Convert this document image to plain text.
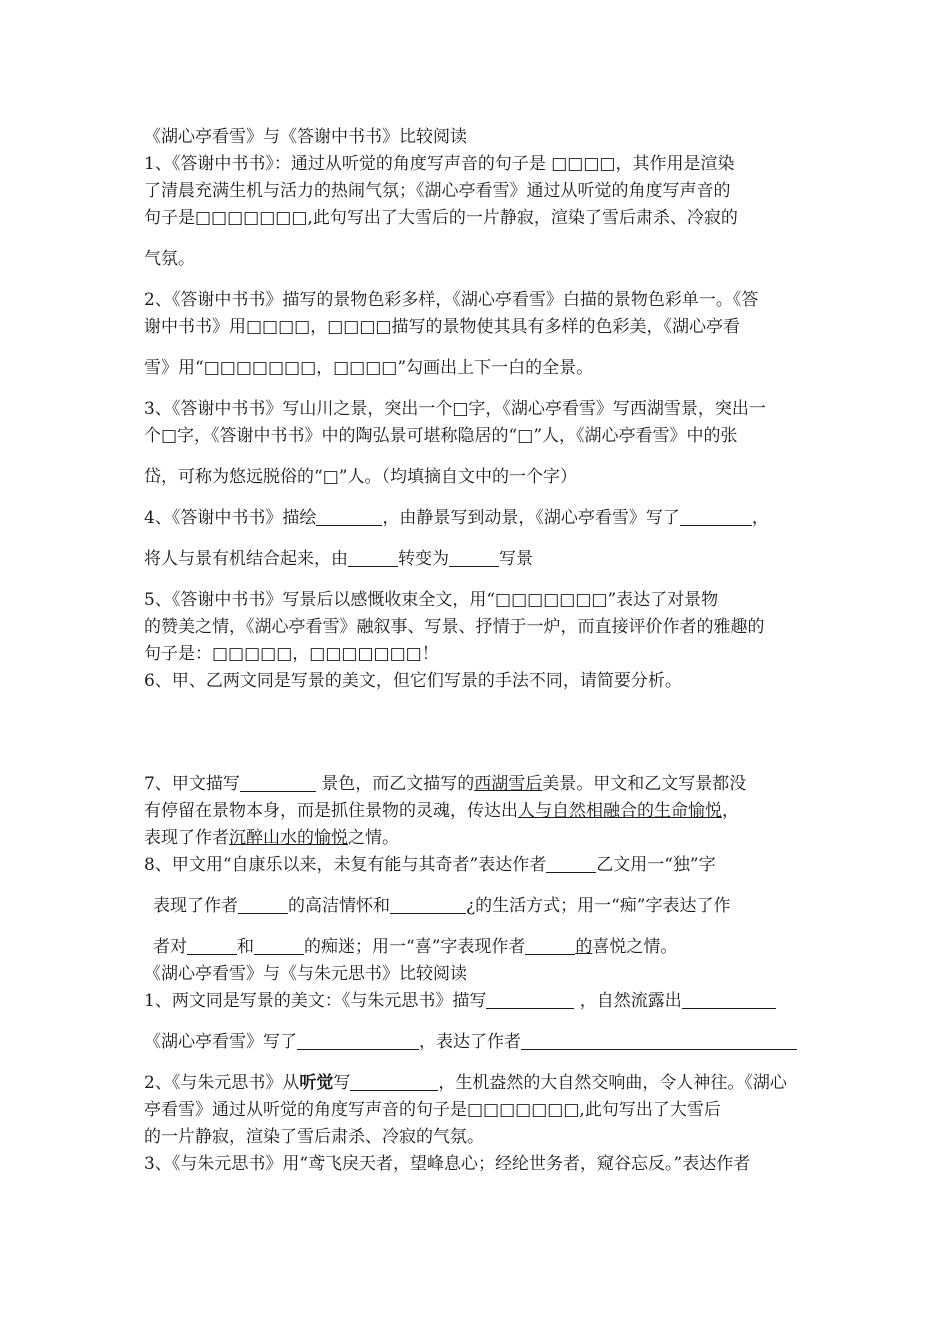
《湖心亭看雪》与《答谢中书书》比较阅读

1、《答谢中书书》：通过从听觉的角度写声音的句子是 □□□□，其作用是渲染

了清晨充满生机与活力的热闹气氛；《湖心亭看雪》通过从听觉的角度写声音的

句子是□□□□□□□,此句写出了大雪后的一片静寂，渲染了雪后肃杀、冷寂的

气氛。

2、《答谢中书书》描写的景物色彩多样，《湖心亭看雪》白描的景物色彩单一。《答

谢中书书》用□□□□，□□□□描写的景物使其具有多样的色彩美，《湖心亭看

雪》用“□□□□□□□，□□□□”勾画出上下一白的全景。

3、《答谢中书书》写山川之景，突出一个□字，《湖心亭看雪》写西湖雪景，突出一

个□字，《答谢中书书》中的陶弘景可堪称隐居的“□”人，《湖心亭看雪》中的张

岱，可称为悠远脱俗的“□”人。（均填摘自文中的一个字）

4、《答谢中书书》描绘	，由静景写到动景，《湖心亭看雪》写了	，

将人与景有机结合起来，由	转变为	写景

5、《答谢中书书》写景后以感慨收束全文，用“□□□□□□□”表达了对景物

的赞美之情，《湖心亭看雪》融叙事、写景、抒情于一炉，而直接评价作者的雅趣的

句子是：□□□□□，□□□□□□□！

6、甲、乙两文同是写景的美文，但它们写景的手法不同，请简要分析。

7、甲文描写	景色，而乙文描写的西湖雪后美景。甲文和乙文写景都没

有停留在景物本身，而是抓住景物的灵魂，传达出人与自然相融合的生命愉悦，

表现了作者沉醉山水的愉悦之情。

8、甲文用“自康乐以来，未复有能与其奇者”表达作者	乙文用一“独”字

表现了作者	的高洁情怀和	¿的生活方式；用一“痴”字表达了作

者对	和	的痴迷；用一“喜”字表现作者	的喜悦之情。

《湖心亭看雪》与《与朱元思书》比较阅读

1、两文同是写景的美文：《与朱元思书》描写	，自然流露出

《湖心亭看雪》写了	，表达了作者

2、《与朱元思书》从听觉写	，生机盎然的大自然交响曲，令人神往。《湖心

亭看雪》通过从听觉的角度写声音的句子是□□□□□□□,此句写出了大雪后

的一片静寂，渲染了雪后肃杀、冷寂的气氛。

3、《与朱元思书》用“鸢飞戾天者，望峰息心；经纶世务者，窥谷忘反。”表达作者
